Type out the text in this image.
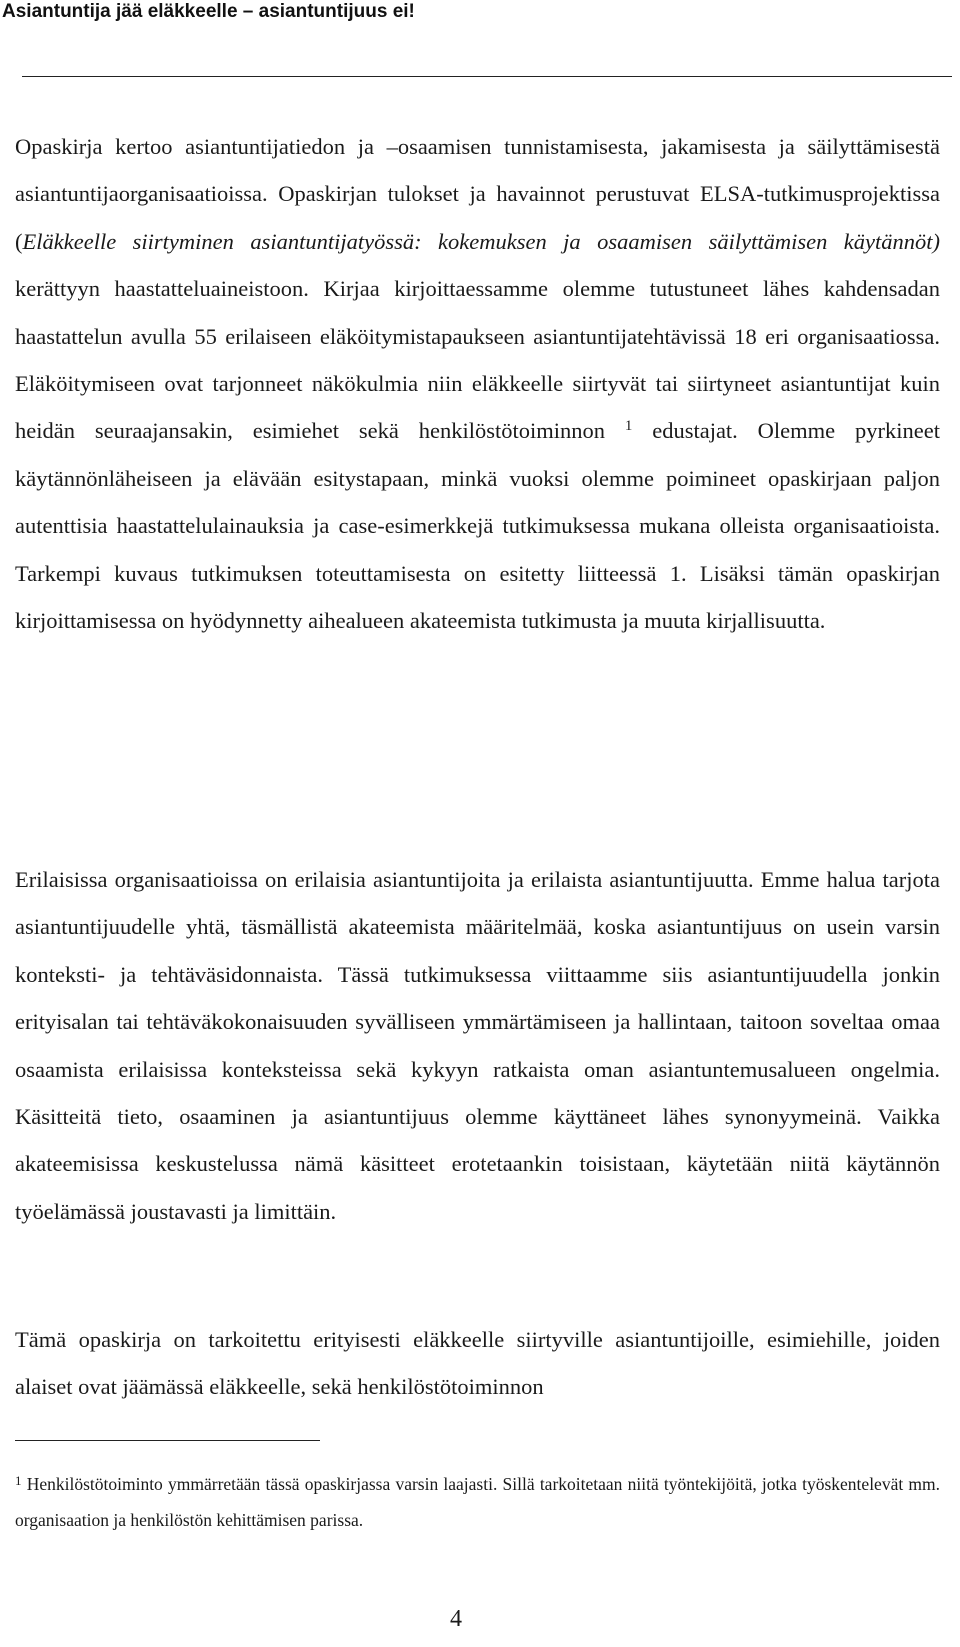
Asiantuntija jää eläkkeelle – asiantuntijuus ei!

Opaskirja kertoo asiantuntijatiedon ja –osaamisen tunnistamisesta, jakamisesta ja säilyttämisestä asiantuntijaorganisaatioissa. Opaskirjan tulokset ja havainnot perustuvat ELSA-tutkimusprojektissa (Eläkkeelle siirtyminen asiantuntijatyössä: kokemuksen ja osaamisen säilyttämisen käytännöt) kerättyyn haastatteluaineistoon. Kirjaa kirjoittaessamme olemme tutustuneet lähes kahdensadan haastattelun avulla 55 erilaiseen eläköitymistapaukseen asiantuntijatehtävissä 18 eri organisaatiossa. Eläköitymiseen ovat tarjonneet näkökulmia niin eläkkeelle siirtyvät tai siirtyneet asiantuntijat kuin heidän seuraajansakin, esimiehet sekä henkilöstötoiminnon $^1$ edustajat. Olemme pyrkineet käytännönläheiseen ja elävään esitystapaan, minkä vuoksi olemme poimineet opaskirjaan paljon autenttisia haastattelulainauksia ja case-esimerkkejä tutkimuksessa mukana olleista organisaatioista. Tarkempi kuvaus tutkimuksen toteuttamisesta on esitetty liitteessä 1. Lisäksi tämän opaskirjan kirjoittamisessa on hyödynnetty aihealueen akateemista tutkimusta ja muuta kirjallisuutta.

Erilaisissa organisaatioissa on erilaisia asiantuntijoita ja erilaista asiantuntijuutta. Emme halua tarjota asiantuntijuudelle yhtä, täsmällistä akateemista määritelmää, koska asiantuntijuus on usein varsin konteksti- ja tehtäväsidonnaista. Tässä tutkimuksessa viittaamme siis asiantuntijuudella jonkin erityisalan tai tehtäväkokonaisuuden syvälliseen ymmärtämiseen ja hallintaan, taitoon soveltaa omaa osaamista erilaisissa konteksteissa sekä kykyyn ratkaista oman asiantuntemusalueen ongelmia. Käsitteitä tieto, osaaminen ja asiantuntijuus olemme käyttäneet lähes synonyymeinä. Vaikka akateemisissa keskustelussa nämä käsitteet erotetaankin toisistaan, käytetään niitä käytännön työelämässä joustavasti ja limittäin.

Tämä opaskirja on tarkoitettu erityisesti eläkkeelle siirtyville asiantuntijoille, esimiehille, joiden alaiset ovat jäämässä eläkkeelle, sekä henkilöstötoiminnon

$^1$ Henkilöstötoiminto ymmärretään tässä opaskirjassa varsin laajasti. Sillä tarkoitetaan niitä työntekijöitä, jotka työskentelevät mm. organisaation ja henkilöstön kehittämisen parissa.
4
